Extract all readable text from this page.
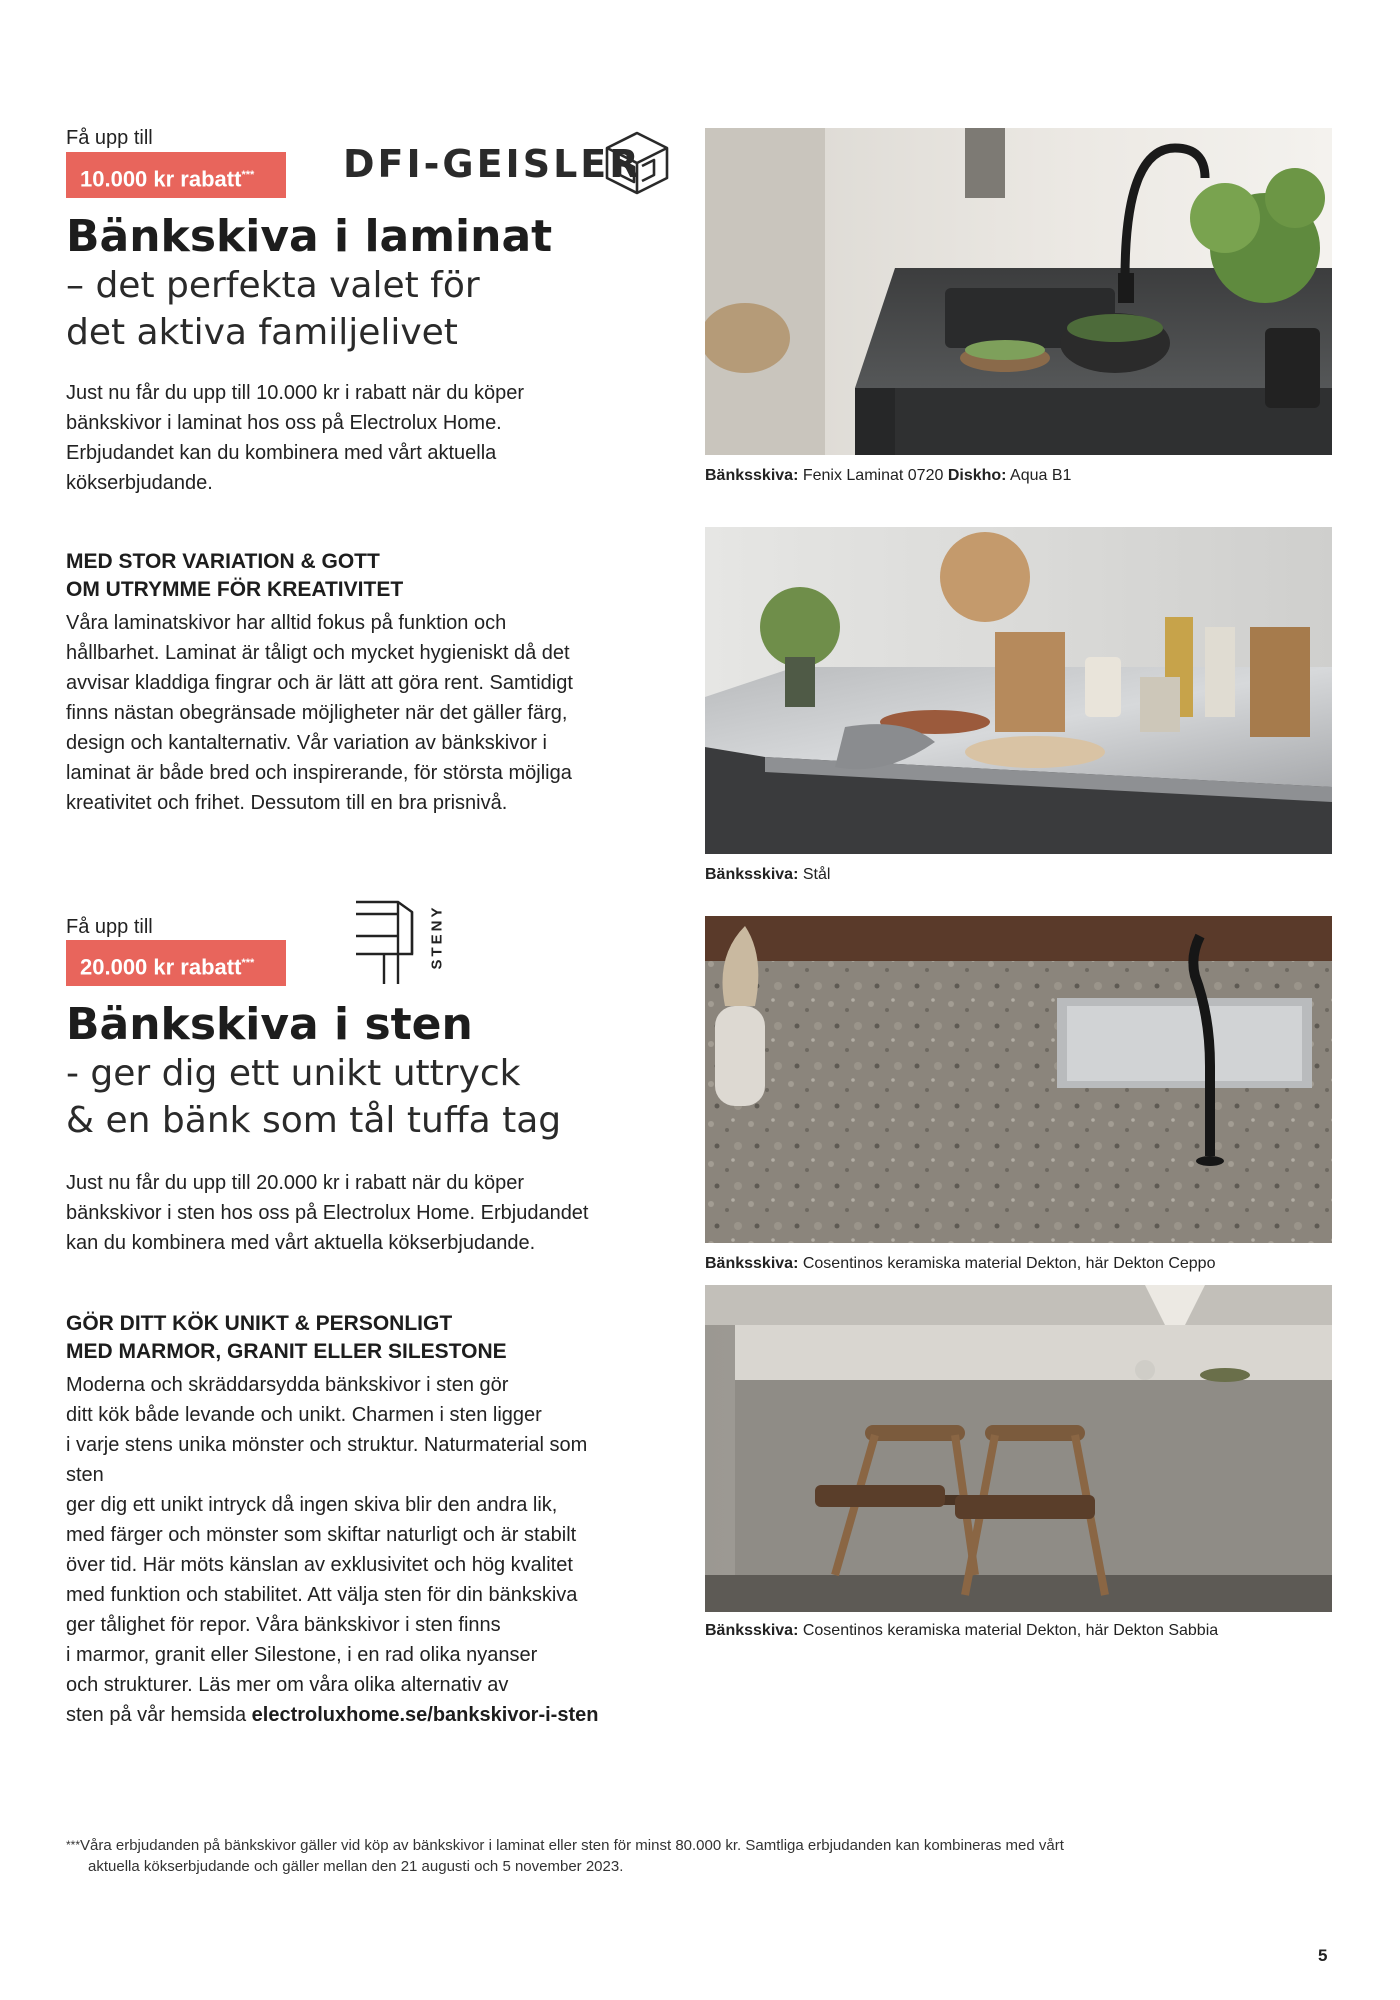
Få upp till
10.000 kr rabatt***	DFI-GEISLER
Bänkskiva i laminat
– det perfekta valet för
det aktiva familjelivet
Just nu får du upp till 10.000 kr i rabatt när du köper
bänkskivor i laminat hos oss på Electrolux Home.
Erbjudandet kan du kombinera med vårt aktuella
kökserbjudande.
MED STOR VARIATION & GOTT
OM UTRYMME FÖR KREATIVITET
Våra laminatskivor har alltid fokus på funktion och
hållbarhet. Laminat är tåligt och mycket hygieniskt då det
avvisar kladdiga fingrar och är lätt att göra rent. Samtidigt
finns nästan obegränsade möjligheter när det gäller färg,
design och kantalternativ. Vår variation av bänkskivor i
laminat är både bred och inspirerande, för största möjliga
kreativitet och frihet. Dessutom till en bra prisnivå.
Få upp till
20.000 kr rabatt***	STENY
Bänkskiva i sten
- ger dig ett unikt uttryck
& en bänk som tål tuffa tag
Just nu får du upp till 20.000 kr i rabatt när du köper
bänkskivor i sten hos oss på Electrolux Home. Erbjudandet
kan du kombinera med vårt aktuella kökserbjudande.
GÖR DITT KÖK UNIKT & PERSONLIGT
MED MARMOR, GRANIT ELLER SILESTONE
Moderna och skräddarsydda bänkskivor i sten gör
ditt kök både levande och unikt. Charmen i sten ligger
i varje stens unika mönster och struktur. Naturmaterial som
sten
ger dig ett unikt intryck då ingen skiva blir den andra lik,
med färger och mönster som skiftar naturligt och är stabilt
över tid. Här möts känslan av exklusivitet och hög kvalitet
med funktion och stabilitet. Att välja sten för din bänkskiva
ger tålighet för repor. Våra bänkskivor i sten finns
i marmor, granit eller Silestone, i en rad olika nyanser
och strukturer. Läs mer om våra olika alternativ av
sten på vår hemsida electroluxhome.se/bankskivor-i-sten
Bänksskiva: Fenix Laminat 0720 Diskho: Aqua B1
Bänksskiva: Stål
Bänksskiva: Cosentinos keramiska material Dekton, här Dekton Ceppo
Bänksskiva: Cosentinos keramiska material Dekton, här Dekton Sabbia
***Våra erbjudanden på bänkskivor gäller vid köp av bänkskivor i laminat eller sten för minst 80.000 kr. Samtliga erbjudanden kan kombineras med vårt
aktuella kökserbjudande och gäller mellan den 21 augusti och 5 november 2023.
5
